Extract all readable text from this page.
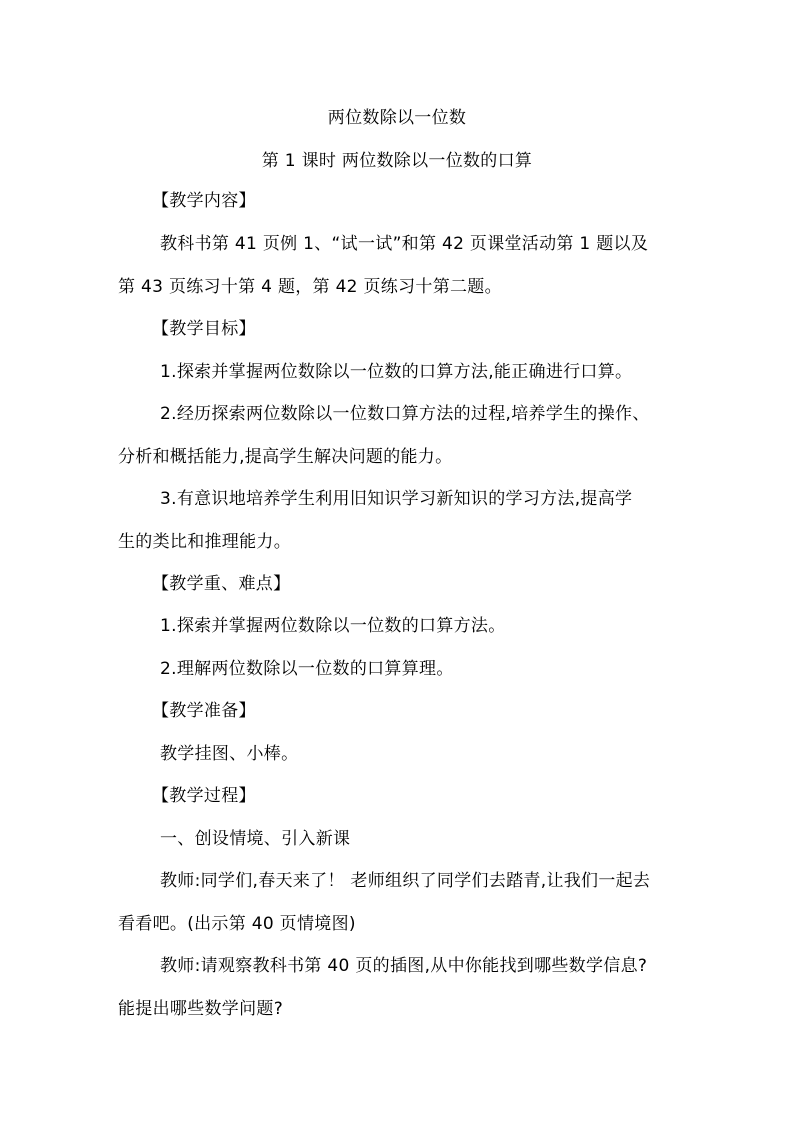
两位数除以一位数
第 1 课时 两位数除以一位数的口算
【教学内容】
教科书第 41 页例 1、“试一试”和第 42 页课堂活动第 1 题以及
第 43 页练习十第 4 题，第 42 页练习十第二题。
【教学目标】
1.探索并掌握两位数除以一位数的口算方法,能正确进行口算。
2.经历探索两位数除以一位数口算方法的过程,培养学生的操作、
分析和概括能力,提高学生解决问题的能力。
3.有意识地培养学生利用旧知识学习新知识的学习方法,提高学
生的类比和推理能力。
【教学重、难点】
1.探索并掌握两位数除以一位数的口算方法。
2.理解两位数除以一位数的口算算理。
【教学准备】
教学挂图、小棒。
【教学过程】
一、创设情境、引入新课
教师:同学们,春天来了！ 老师组织了同学们去踏青,让我们一起去
看看吧。(出示第 40 页情境图)
教师:请观察教科书第 40 页的插图,从中你能找到哪些数学信息?
能提出哪些数学问题?
